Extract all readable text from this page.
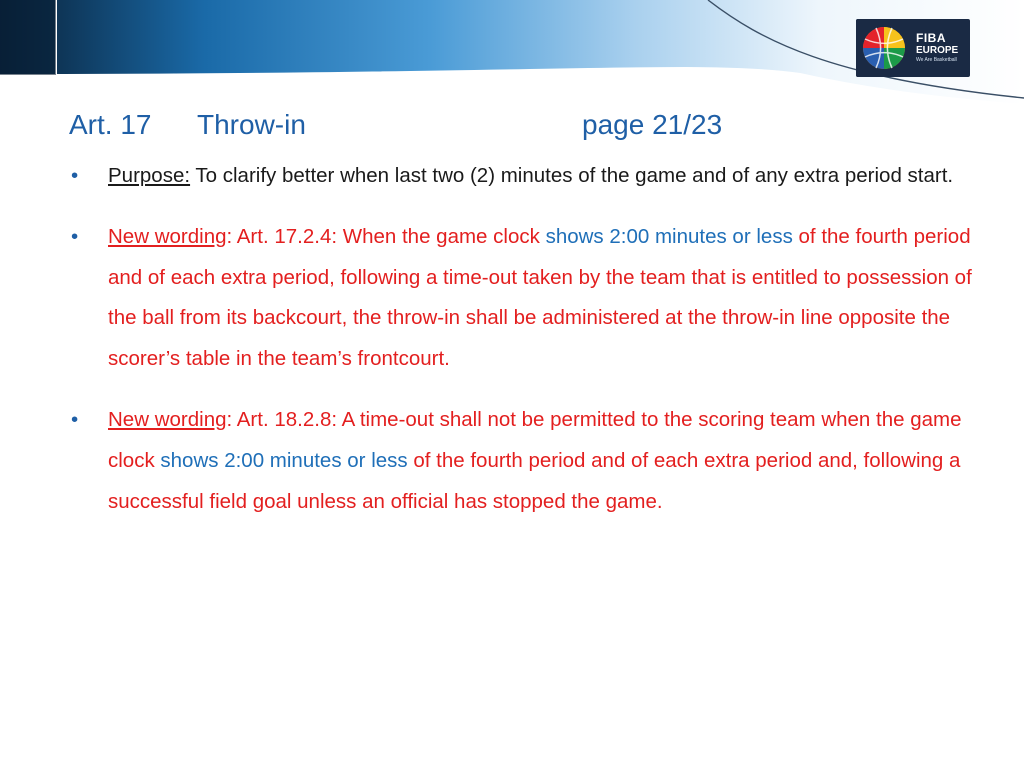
FIBA
EUROPE
We Are Basketball
Art. 17 Throw-in	page 21/23
• Purpose: To clarify better when last two (2) minutes of the game and of any extra period start.
• New wording: Art. 17.2.4: When the game clock shows 2:00 minutes or less of the fourth period and of each extra period, following a time-out taken by the team that is entitled to possession of the ball from its backcourt, the throw-in shall be administered at the throw-in line opposite the scorer’s table in the team’s frontcourt.
• New wording: Art. 18.2.8: A time-out shall not be permitted to the scoring team when the game clock shows 2:00 minutes or less of the fourth period and of each extra period and, following a successful field goal unless an official has stopped the game.
